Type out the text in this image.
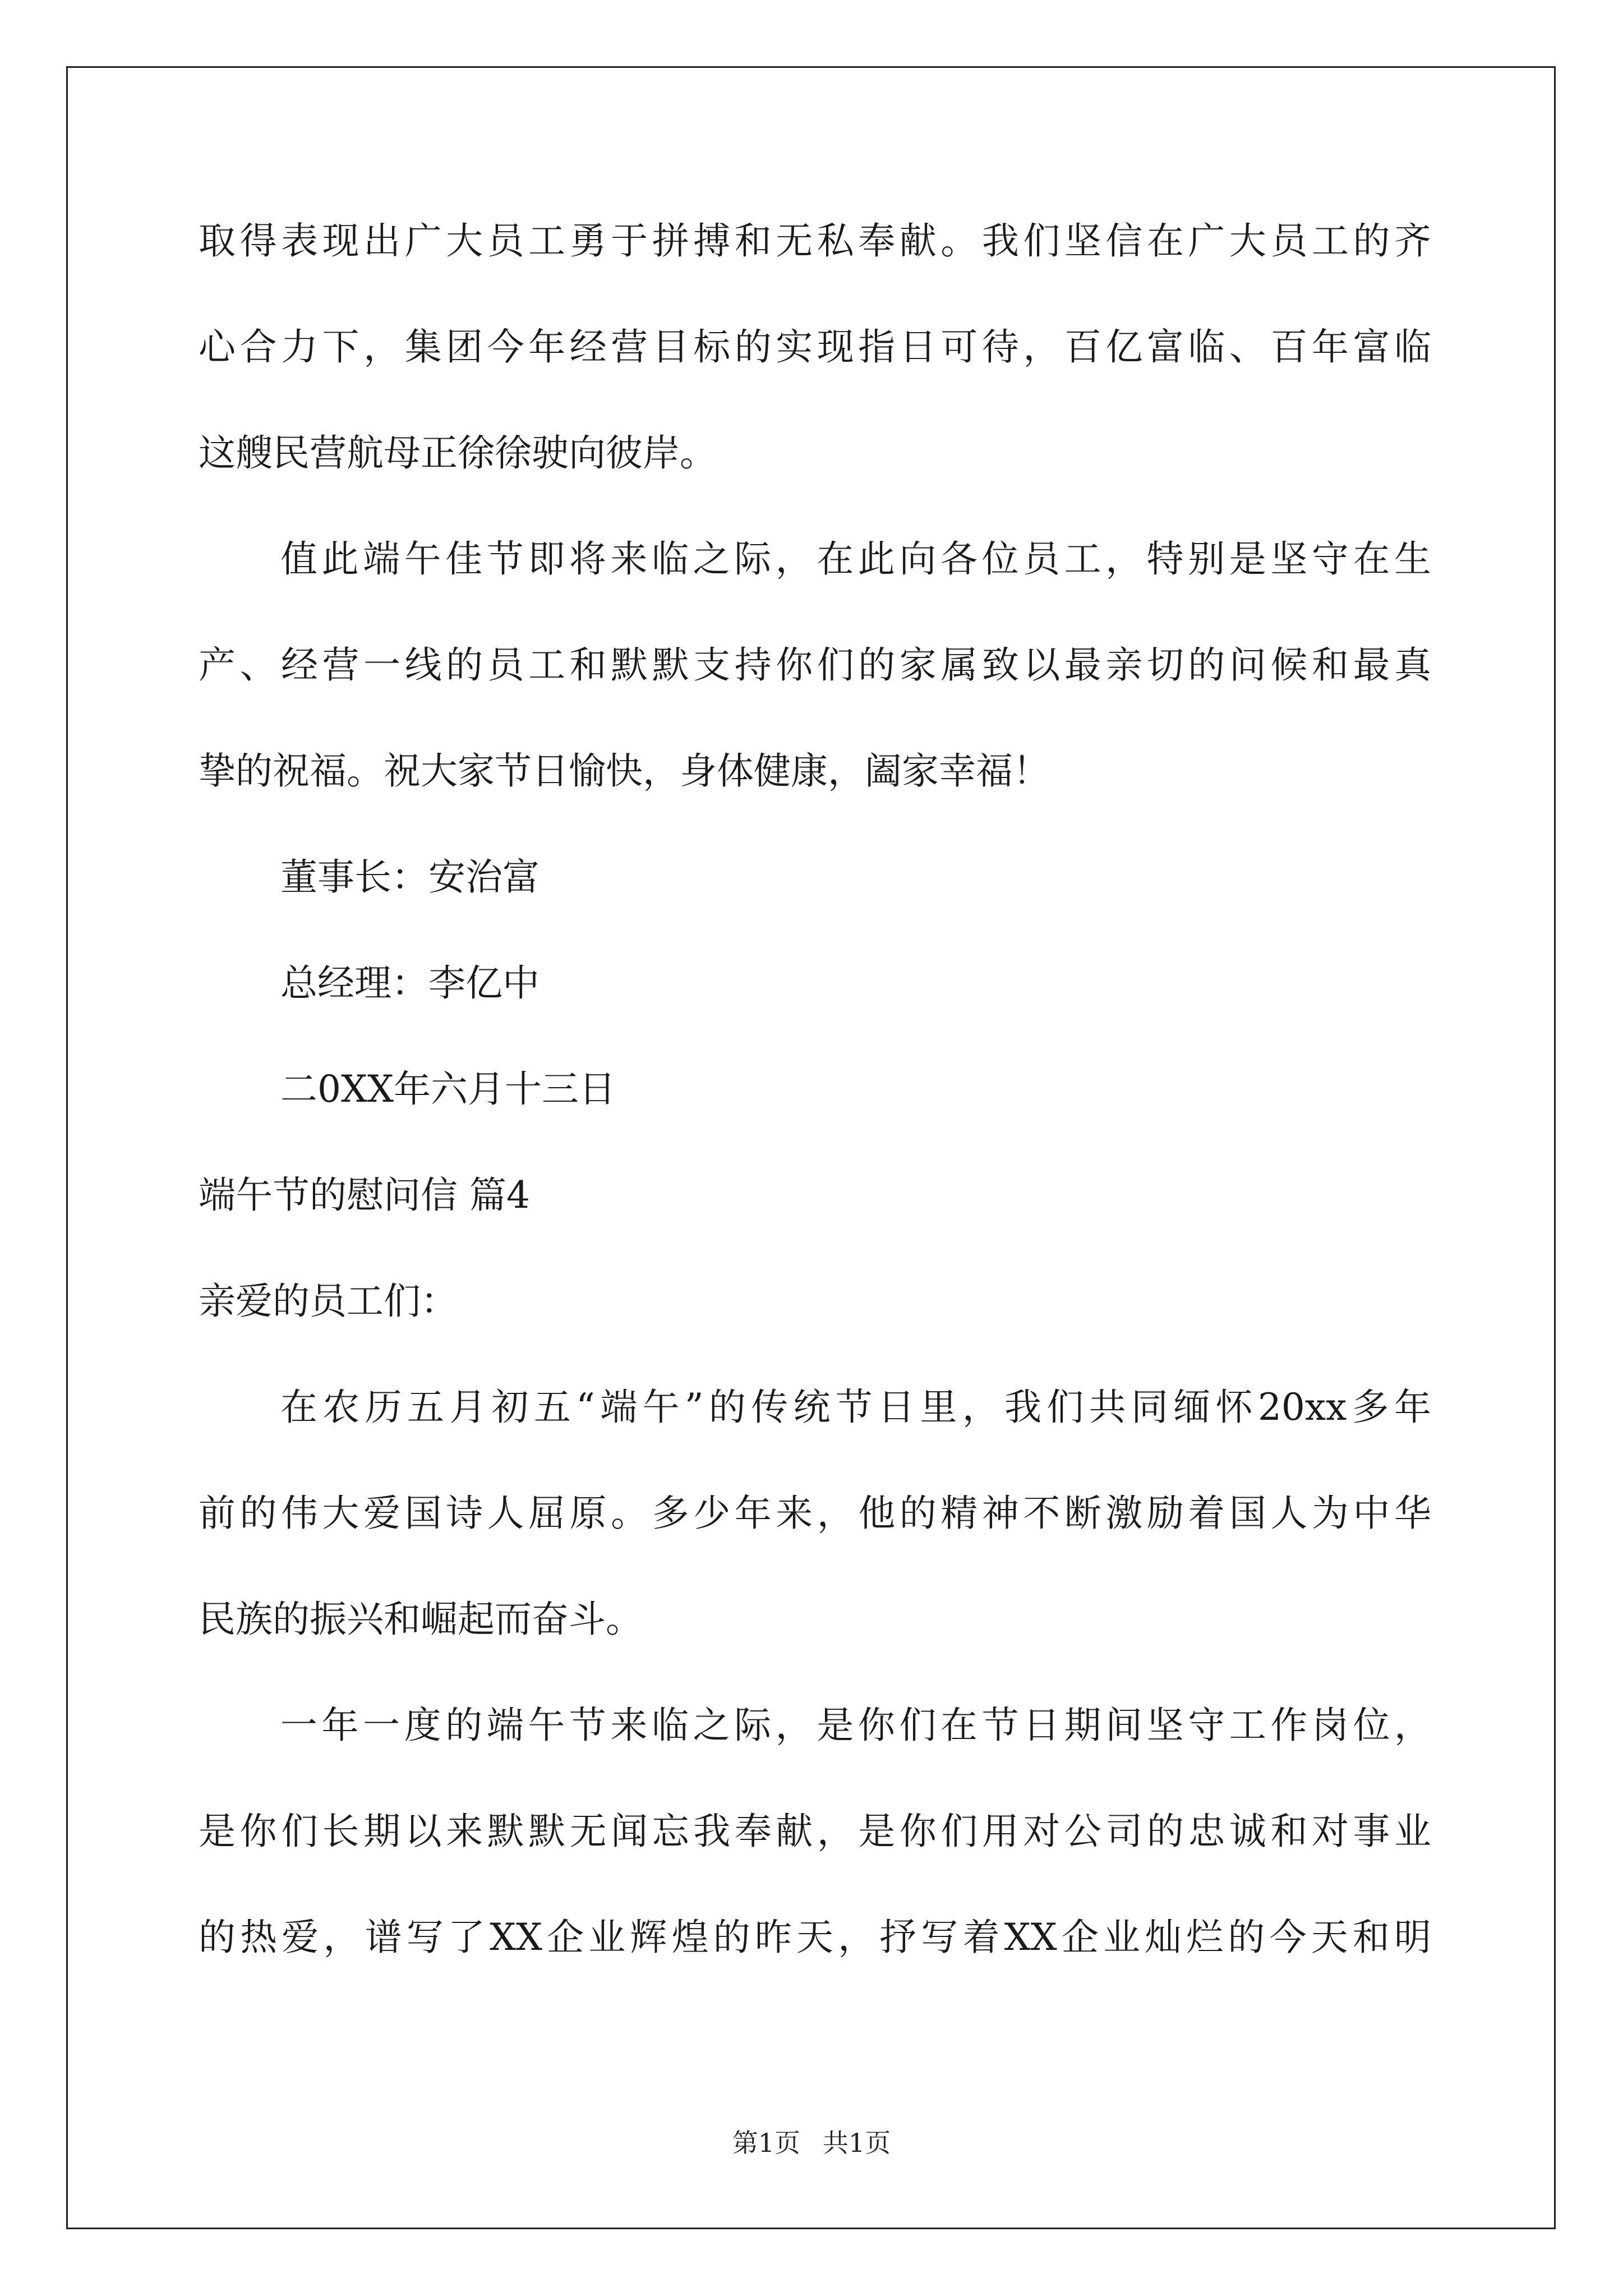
取得表现出广大员工勇于拼搏和无私奉献。我们坚信在广大员工的齐
心合力下，集团今年经营目标的实现指日可待，百亿富临、百年富临
这艘民营航母正徐徐驶向彼岸。
值此端午佳节即将来临之际，在此向各位员工，特别是坚守在生
产、经营一线的员工和默默支持你们的家属致以最亲切的问候和最真
挚的祝福。祝大家节日愉快，身体健康，阖家幸福！
董事长：安治富
总经理：李亿中
二0XX年六月十三日
端午节的慰问信 篇4
亲爱的员工们：
在农历五月初五“端午”的传统节日里，我们共同缅怀20xx多年
前的伟大爱国诗人屈原。多少年来，他的精神不断激励着国人为中华
民族的振兴和崛起而奋斗。
一年一度的端午节来临之际，是你们在节日期间坚守工作岗位，
是你们长期以来默默无闻忘我奉献，是你们用对公司的忠诚和对事业
的热爱，谱写了XX企业辉煌的昨天，抒写着XX企业灿烂的今天和明
第1页 共1页
